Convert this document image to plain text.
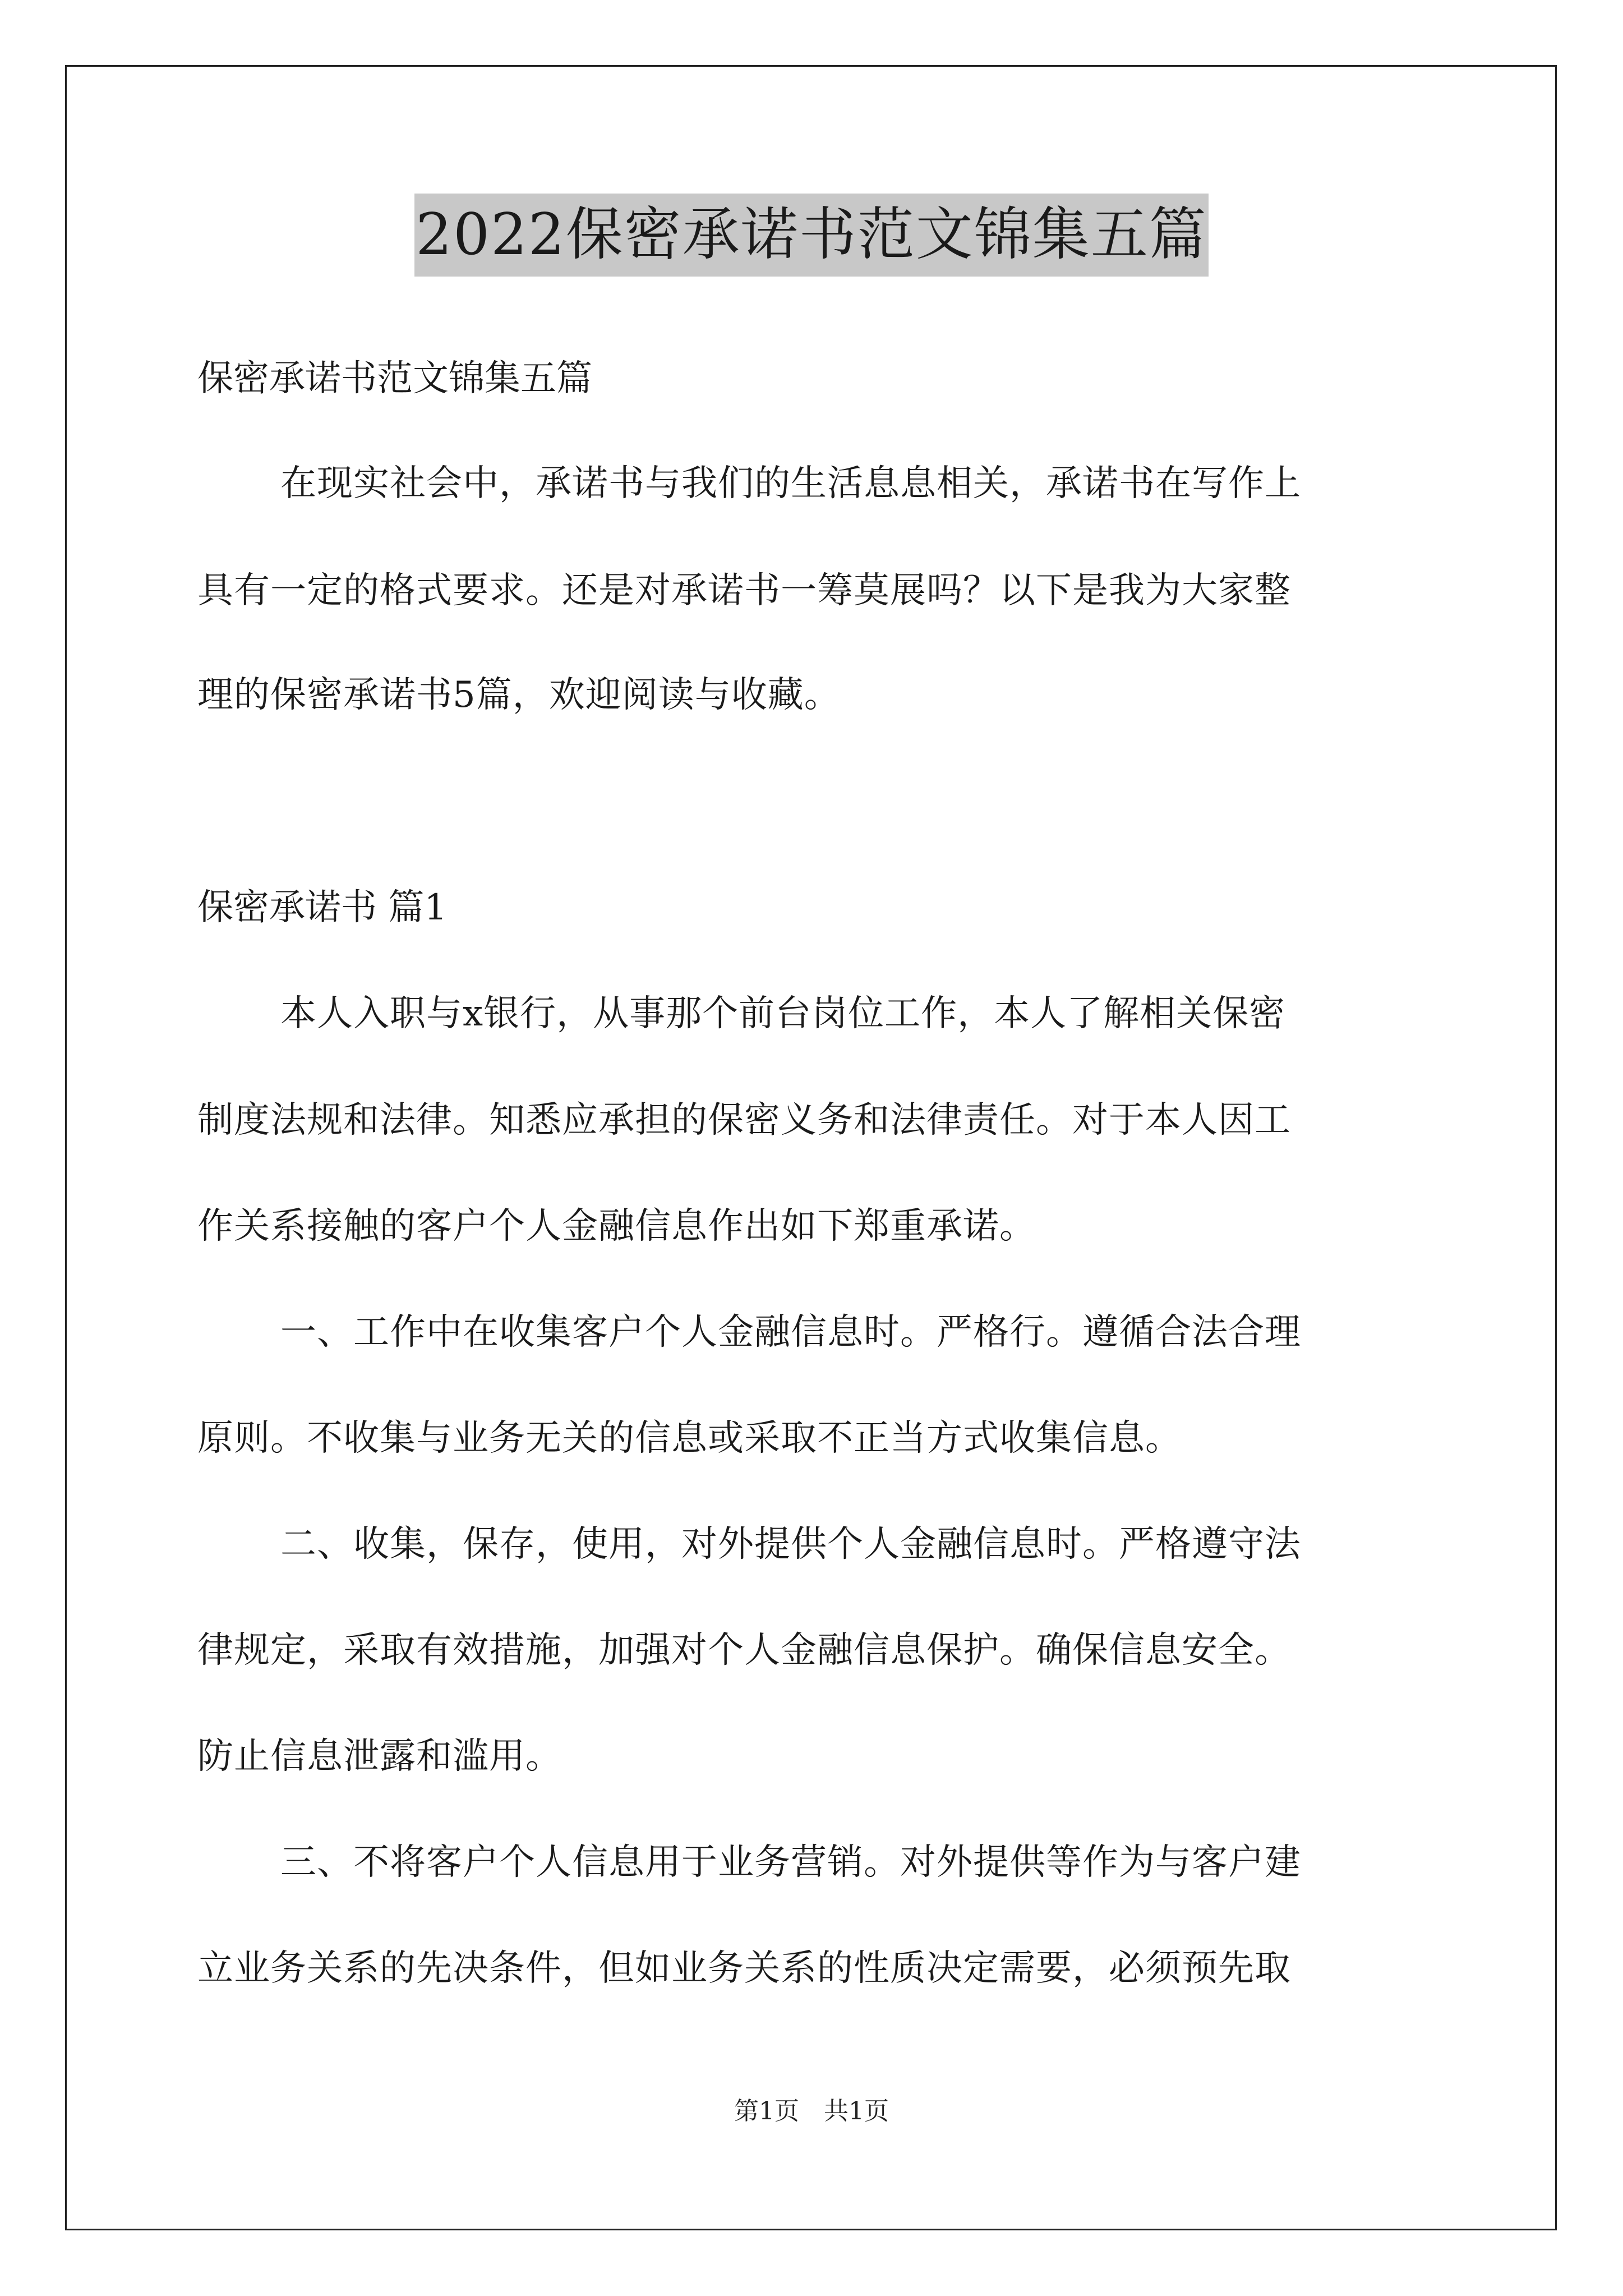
2022保密承诺书范文锦集五篇
保密承诺书范文锦集五篇
在现实社会中，承诺书与我们的生活息息相关，承诺书在写作上
具有一定的格式要求。还是对承诺书一筹莫展吗？以下是我为大家整
理的保密承诺书5篇，欢迎阅读与收藏。
保密承诺书 篇1
本人入职与x银行，从事那个前台岗位工作，本人了解相关保密
制度法规和法律。知悉应承担的保密义务和法律责任。对于本人因工
作关系接触的客户个人金融信息作出如下郑重承诺。
一、工作中在收集客户个人金融信息时。严格行。遵循合法合理
原则。不收集与业务无关的信息或采取不正当方式收集信息。
二、收集，保存，使用，对外提供个人金融信息时。严格遵守法
律规定，采取有效措施，加强对个人金融信息保护。确保信息安全。
防止信息泄露和滥用。
三、不将客户个人信息用于业务营销。对外提供等作为与客户建
立业务关系的先决条件，但如业务关系的性质决定需要，必须预先取
第1页　共1页
